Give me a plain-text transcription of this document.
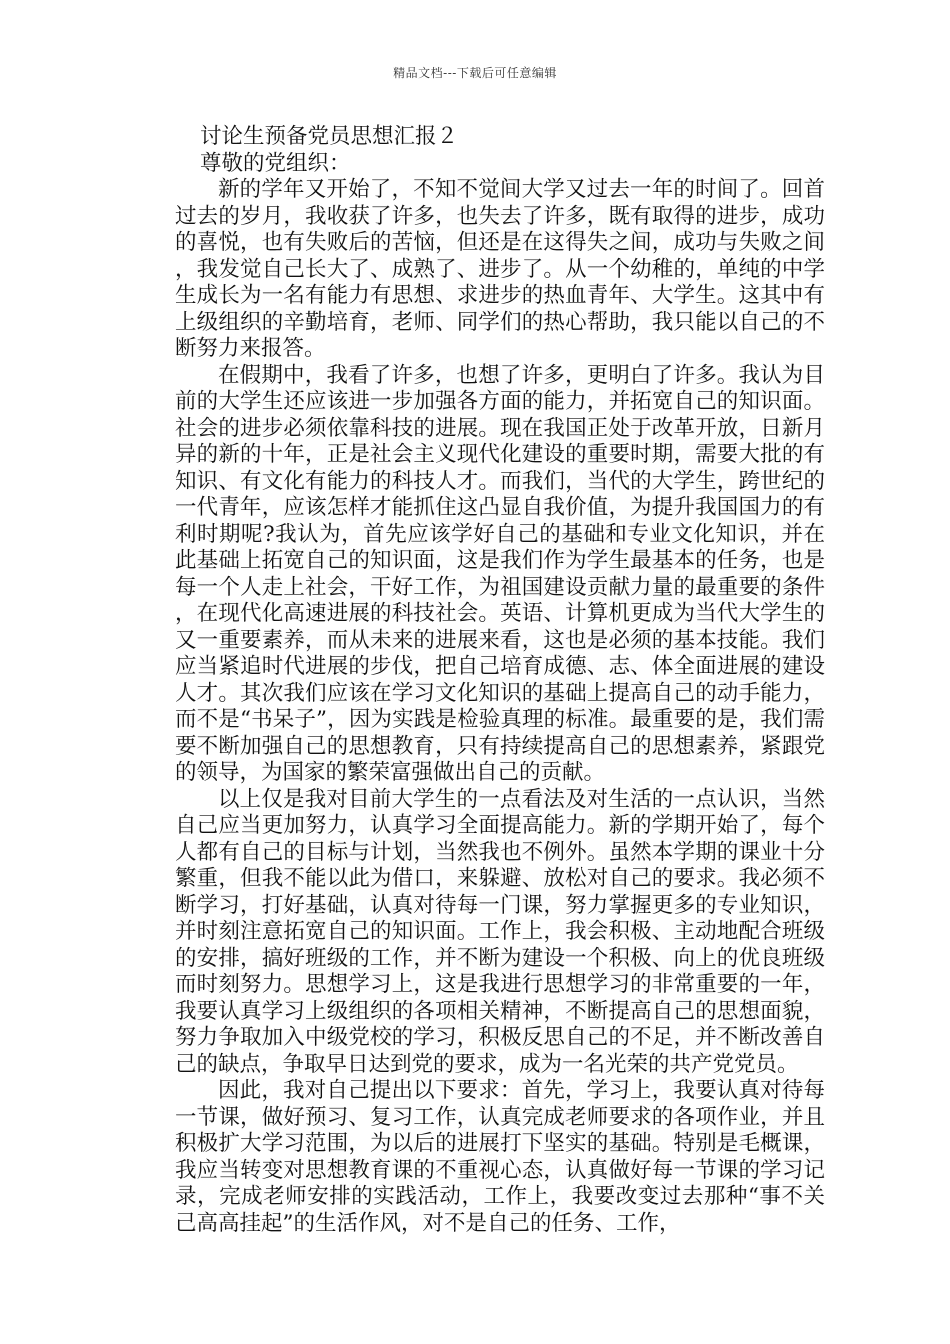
精品文档---下载后可任意编辑

讨论生预备党员思想汇报２

尊敬的党组织：

新的学年又开始了，不知不觉间大学又过去一年的时间了。回首过去的岁月，我收获了许多，也失去了许多，既有取得的进步，成功的喜悦，也有失败后的苦恼，但还是在这得失之间，成功与失败之间，我发觉自己长大了、成熟了、进步了。从一个幼稚的，单纯的中学生成长为一名有能力有思想、求进步的热血青年、大学生。这其中有上级组织的辛勤培育，老师、同学们的热心帮助，我只能以自己的不断努力来报答。

在假期中，我看了许多，也想了许多，更明白了许多。我认为目前的大学生还应该进一步加强各方面的能力，并拓宽自己的知识面。社会的进步必须依靠科技的进展。现在我国正处于改革开放，日新月异的新的十年，正是社会主义现代化建设的重要时期，需要大批的有知识、有文化有能力的科技人才。而我们，当代的大学生，跨世纪的一代青年，应该怎样才能抓住这凸显自我价值，为提升我国国力的有利时期呢?我认为，首先应该学好自己的基础和专业文化知识，并在此基础上拓宽自己的知识面，这是我们作为学生最基本的任务，也是每一个人走上社会，干好工作，为祖国建设贡献力量的最重要的条件，在现代化高速进展的科技社会。英语、计算机更成为当代大学生的又一重要素养，而从未来的进展来看，这也是必须的基本技能。我们应当紧追时代进展的步伐，把自己培育成德、志、体全面进展的建设人才。其次我们应该在学习文化知识的基础上提高自己的动手能力，而不是“书呆子”，因为实践是检验真理的标准。最重要的是，我们需要不断加强自己的思想教育，只有持续提高自己的思想素养，紧跟党的领导，为国家的繁荣富强做出自己的贡献。

以上仅是我对目前大学生的一点看法及对生活的一点认识，当然自己应当更加努力，认真学习全面提高能力。新的学期开始了，每个人都有自己的目标与计划，当然我也不例外。虽然本学期的课业十分繁重，但我不能以此为借口，来躲避、放松对自己的要求。我必须不断学习，打好基础，认真对待每一门课，努力掌握更多的专业知识，并时刻注意拓宽自己的知识面。工作上，我会积极、主动地配合班级的安排，搞好班级的工作，并不断为建设一个积极、向上的优良班级而时刻努力。思想学习上，这是我进行思想学习的非常重要的一年，我要认真学习上级组织的各项相关精神，不断提高自己的思想面貌，努力争取加入中级党校的学习，积极反思自己的不足，并不断改善自己的缺点，争取早日达到党的要求，成为一名光荣的共产党党员。

因此，我对自己提出以下要求：首先，学习上，我要认真对待每一节课，做好预习、复习工作，认真完成老师要求的各项作业，并且积极扩大学习范围，为以后的进展打下坚实的基础。特别是毛概课，我应当转变对思想教育课的不重视心态，认真做好每一节课的学习记录，完成老师安排的实践活动，工作上，我要改变过去那种“事不关己高高挂起”的生活作风，对不是自己的任务、工作，
